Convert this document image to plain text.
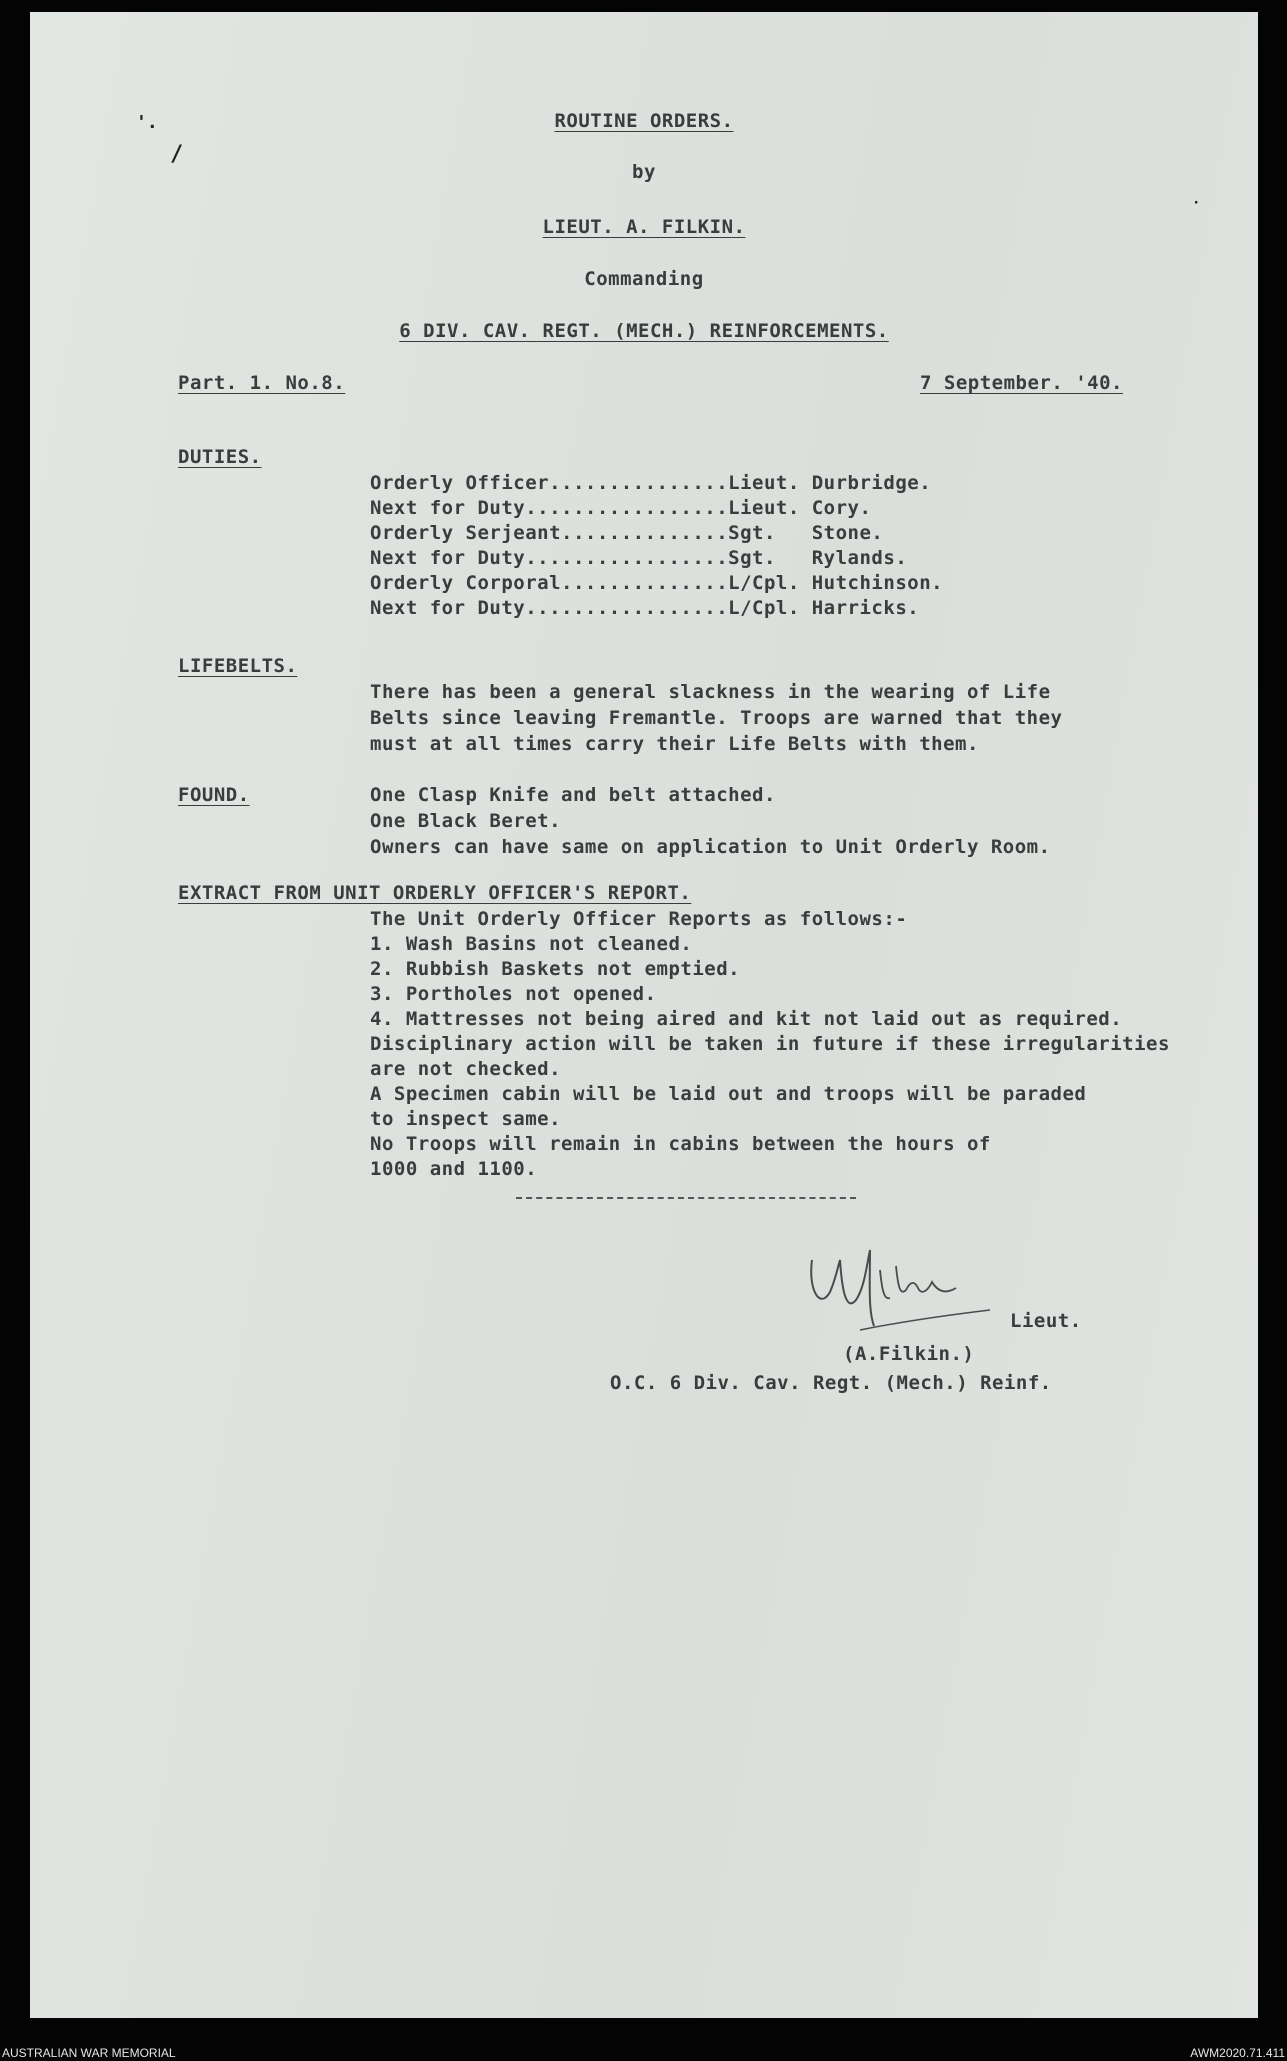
'.
/
·
ROUTINE ORDERS.
by
LIEUT. A. FILKIN.
Commanding
6 DIV. CAV. REGT. (MECH.) REINFORCEMENTS.
Part. 1. No.8.	7 September. '40.
DUTIES.
Orderly Officer...............Lieut. Durbridge.
Next for Duty.................Lieut. Cory.
Orderly Serjeant..............Sgt.   Stone.
Next for Duty.................Sgt.   Rylands.
Orderly Corporal..............L/Cpl. Hutchinson.
Next for Duty.................L/Cpl. Harricks.
LIFEBELTS.
There has been a general slackness in the wearing of Life
Belts since leaving Fremantle. Troops are warned that they
must at all times carry their Life Belts with them.
FOUND.	One Clasp Knife and belt attached.
One Black Beret.
Owners can have same on application to Unit Orderly Room.
EXTRACT FROM UNIT ORDERLY OFFICER'S REPORT.
The Unit Orderly Officer Reports as follows:-
1. Wash Basins not cleaned.
2. Rubbish Baskets not emptied.
3. Portholes not opened.
4. Mattresses not being aired and kit not laid out as required.
Disciplinary action will be taken in future if these irregularities
are not checked.
A Specimen cabin will be laid out and troops will be paraded
to inspect same.
No Troops will remain in cabins between the hours of
1000 and 1100.
Lieut.
(A.Filkin.)
O.C. 6 Div. Cav. Regt. (Mech.) Reinf.
AUSTRALIAN WAR MEMORIAL	AWM2020.71.411
